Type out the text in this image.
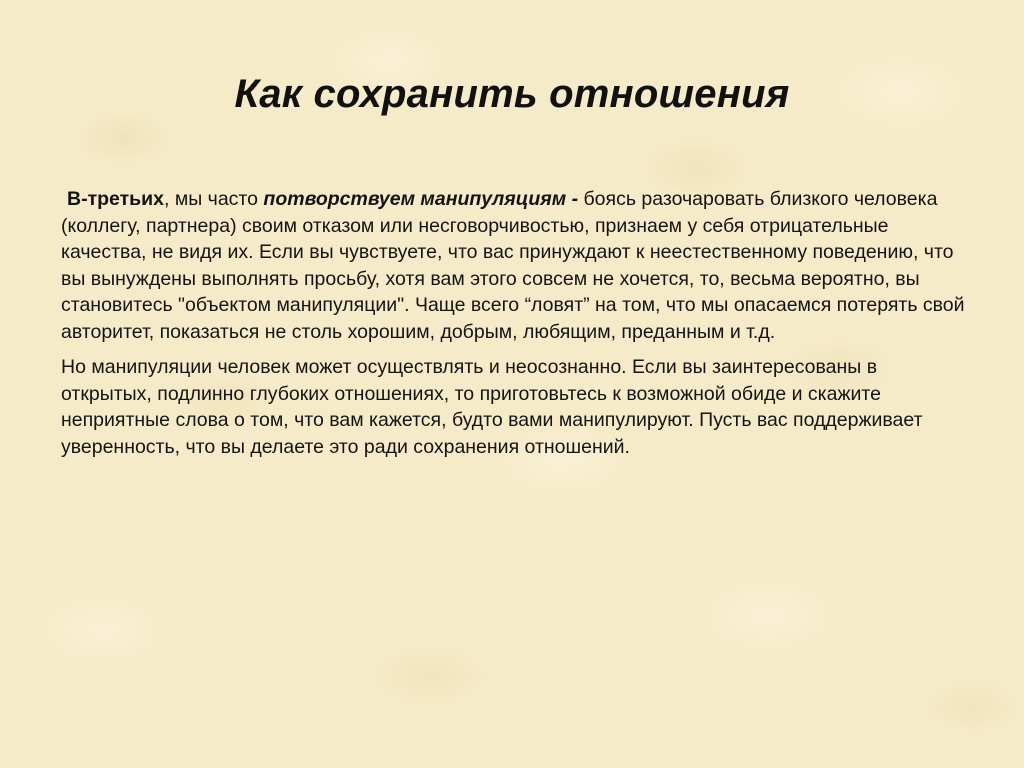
Как сохранить отношения

В-третьих, мы часто потворствуем манипуляциям - боясь разочаровать близкого человека (коллегу, партнера) своим отказом или несговорчивостью, признаем у себя отрицательные качества, не видя их. Если вы чувствуете, что вас принуждают к неестественному поведению, что вы вынуждены выполнять просьбу, хотя вам этого совсем не хочется, то, весьма вероятно, вы становитесь "объектом манипуляции". Чаще всего “ловят” на том, что мы опасаемся потерять свой авторитет, показаться не столь хорошим, добрым, любящим, преданным и т.д.

Но манипуляции человек может осуществлять и неосознанно. Если вы заинтересованы в открытых, подлинно глубоких отношениях, то приготовьтесь к возможной обиде и скажите неприятные слова о том, что вам кажется, будто вами манипулируют. Пусть вас поддерживает уверенность, что вы делаете это ради сохранения отношений.
